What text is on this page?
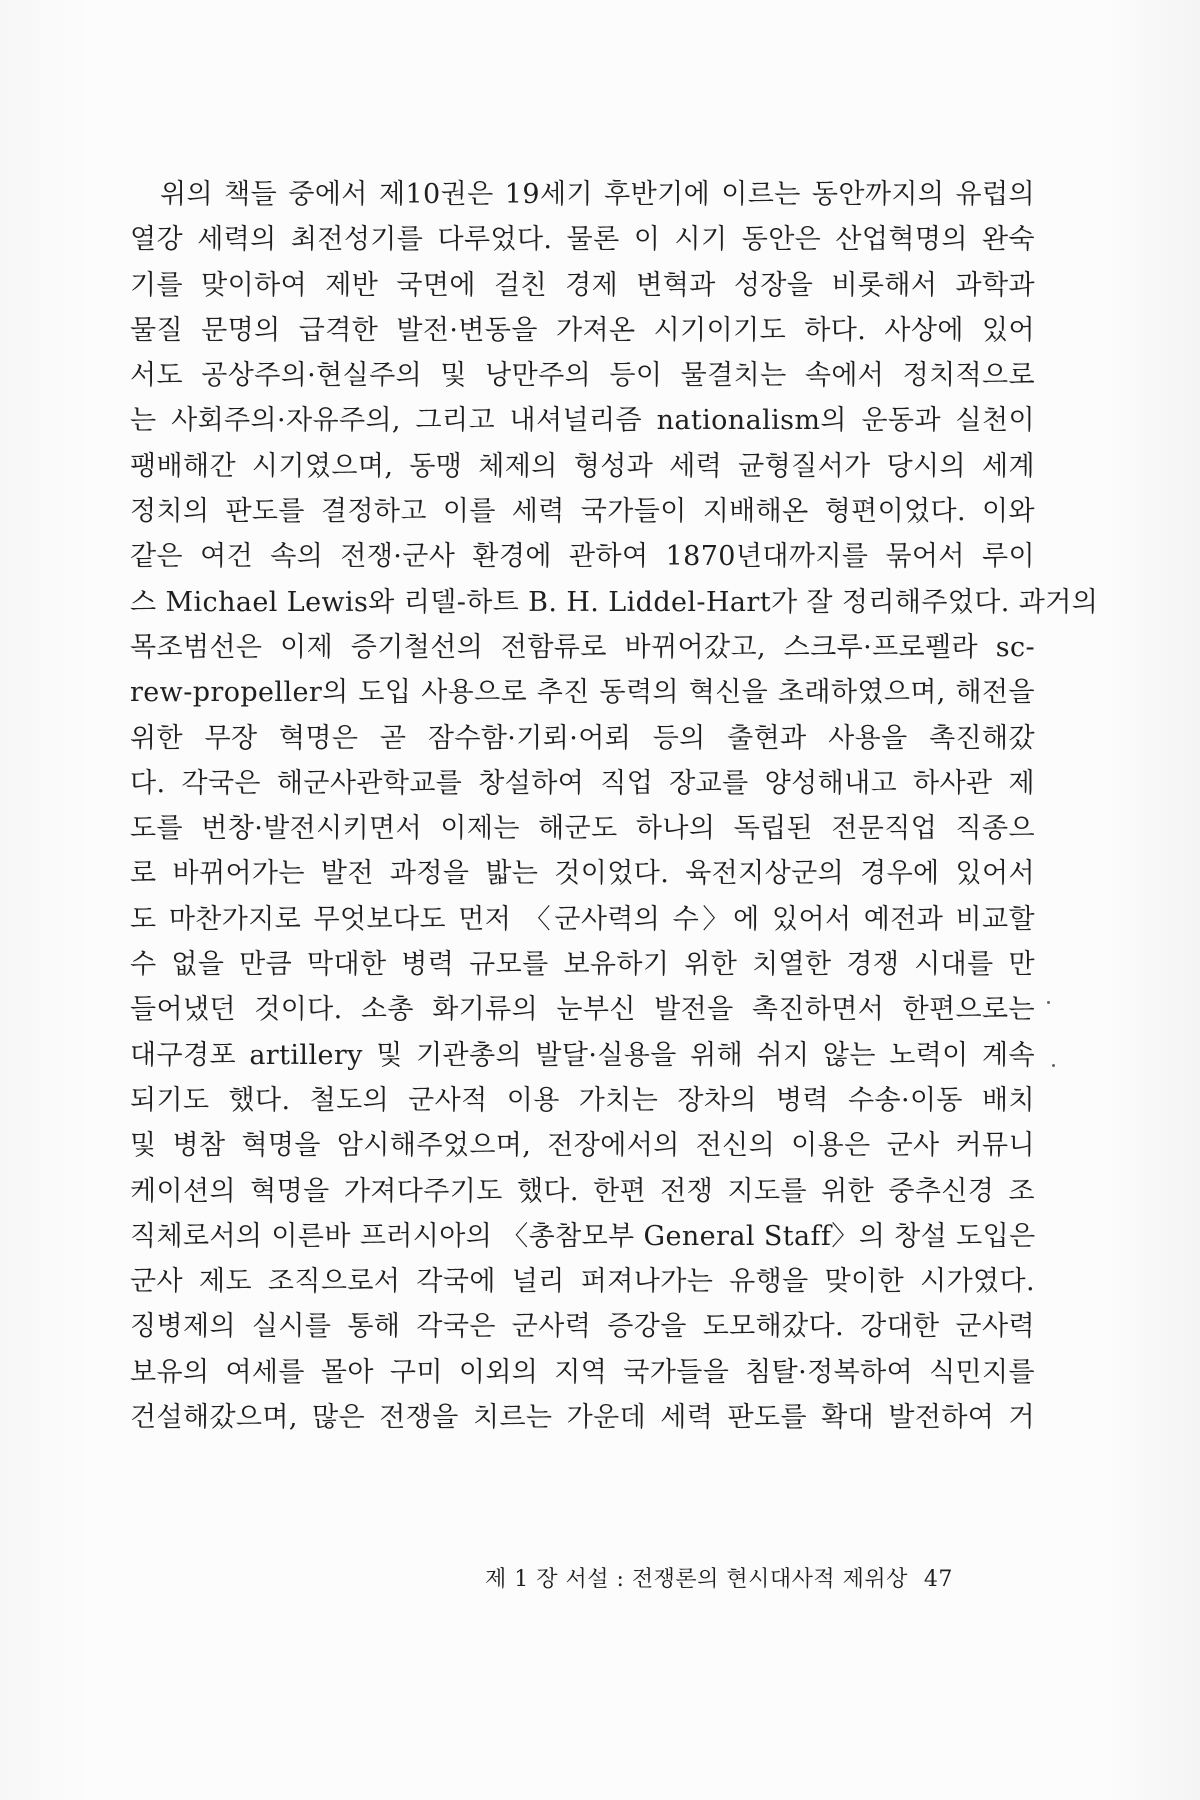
위의 책들 중에서 제10권은 19세기 후반기에 이르는 동안까지의 유럽의
열강 세력의 최전성기를 다루었다. 물론 이 시기 동안은 산업혁명의 완숙
기를 맞이하여 제반 국면에 걸친 경제 변혁과 성장을 비롯해서 과학과
물질 문명의 급격한 발전·변동을 가져온 시기이기도 하다. 사상에 있어
서도 공상주의·현실주의 및 낭만주의 등이 물결치는 속에서 정치적으로
는 사회주의·자유주의, 그리고 내셔널리즘 nationalism의 운동과 실천이
팽배해간 시기였으며, 동맹 체제의 형성과 세력 균형질서가 당시의 세계
정치의 판도를 결정하고 이를 세력 국가들이 지배해온 형편이었다. 이와
같은 여건 속의 전쟁·군사 환경에 관하여 1870년대까지를 묶어서 루이
스 Michael Lewis와 리델-하트 B. H. Liddel-Hart가 잘 정리해주었다. 과거의
목조범선은 이제 증기철선의 전함류로 바뀌어갔고, 스크루·프로펠라 sc-
rew-propeller의 도입 사용으로 추진 동력의 혁신을 초래하였으며, 해전을
위한 무장 혁명은 곧 잠수함·기뢰·어뢰 등의 출현과 사용을 촉진해갔
다. 각국은 해군사관학교를 창설하여 직업 장교를 양성해내고 하사관 제
도를 번창·발전시키면서 이제는 해군도 하나의 독립된 전문직업 직종으
로 바뀌어가는 발전 과정을 밟는 것이었다. 육전지상군의 경우에 있어서
도 마찬가지로 무엇보다도 먼저 〈군사력의 수〉에 있어서 예전과 비교할
수 없을 만큼 막대한 병력 규모를 보유하기 위한 치열한 경쟁 시대를 만
들어냈던 것이다. 소총 화기류의 눈부신 발전을 촉진하면서 한편으로는
대구경포 artillery 및 기관총의 발달·실용을 위해 쉬지 않는 노력이 계속
되기도 했다. 철도의 군사적 이용 가치는 장차의 병력 수송·이동 배치
및 병참 혁명을 암시해주었으며, 전장에서의 전신의 이용은 군사 커뮤니
케이션의 혁명을 가져다주기도 했다. 한편 전쟁 지도를 위한 중추신경 조
직체로서의 이른바 프러시아의 〈총참모부 General Staff〉의 창설 도입은
군사 제도 조직으로서 각국에 널리 퍼져나가는 유행을 맞이한 시가였다.
징병제의 실시를 통해 각국은 군사력 증강을 도모해갔다. 강대한 군사력
보유의 여세를 몰아 구미 이외의 지역 국가들을 침탈·정복하여 식민지를
건설해갔으며, 많은 전쟁을 치르는 가운데 세력 판도를 확대 발전하여 거
제 1 장 서설 : 전쟁론의 현시대사적 제위상 47
